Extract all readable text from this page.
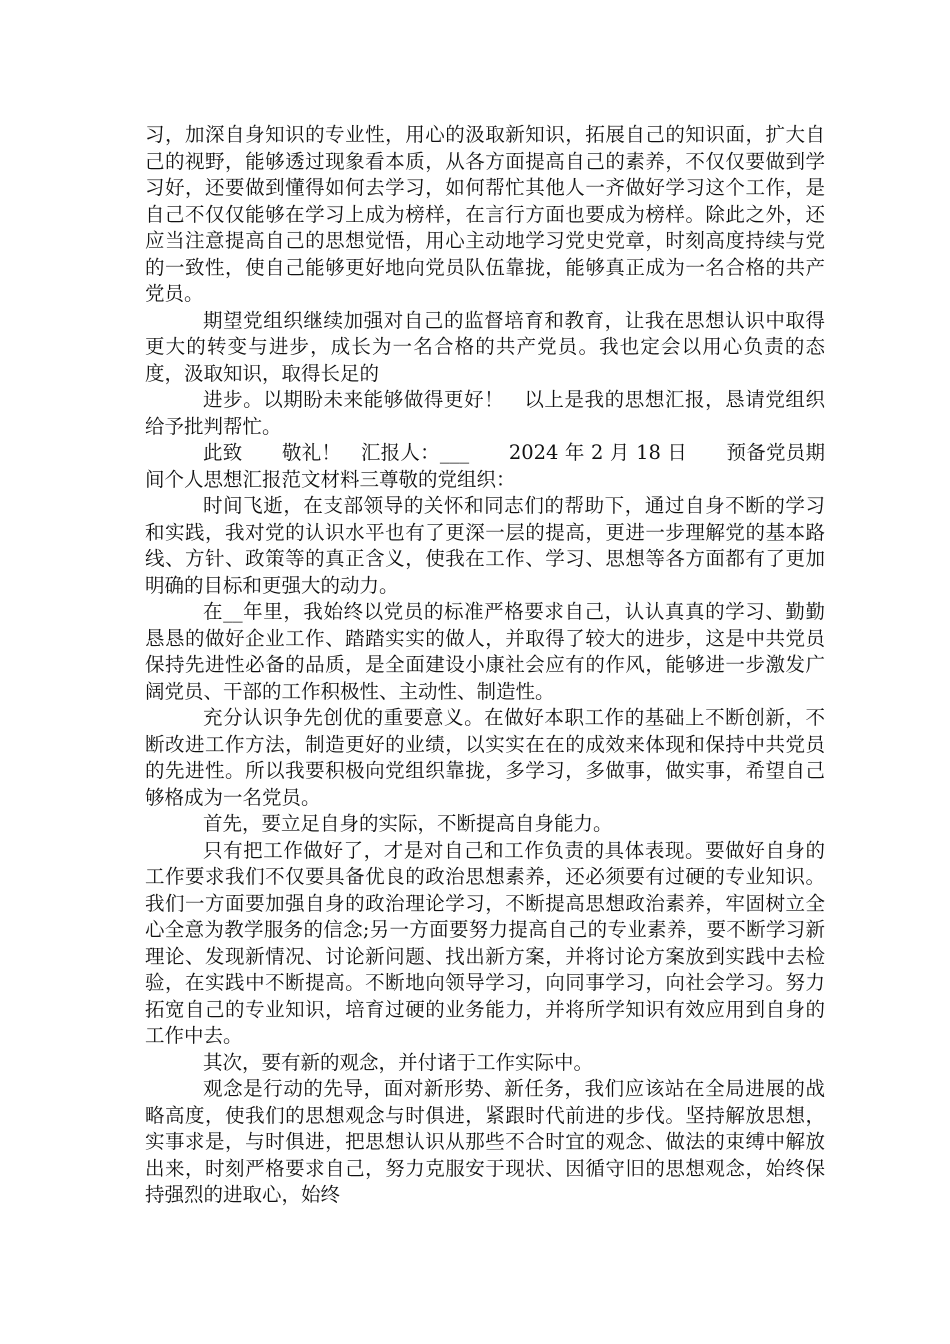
习，加深自身知识的专业性，用心的汲取新知识，拓展自己的知识面，扩大自己的视野，能够透过现象看本质，从各方面提高自己的素养，不仅仅要做到学习好，还要做到懂得如何去学习，如何帮忙其他人一齐做好学习这个工作，是自己不仅仅能够在学习上成为榜样，在言行方面也要成为榜样。除此之外，还应当注意提高自己的思想觉悟，用心主动地学习党史党章，时刻高度持续与党的一致性，使自己能够更好地向党员队伍靠拢，能够真正成为一名合格的共产党员。

期望党组织继续加强对自己的监督培育和教育，让我在思想认识中取得更大的转变与进步，成长为一名合格的共产党员。我也定会以用心负责的态度，汲取知识，取得长足的

进步。以期盼未来能够做得更好！　以上是我的思想汇报，恳请党组织给予批判帮忙。

此致　　敬礼！　汇报人：___　　2024 年 2 月 18 日　　预备党员期间个人思想汇报范文材料三尊敬的党组织：

时间飞逝，在支部领导的关怀和同志们的帮助下，通过自身不断的学习和实践，我对党的认识水平也有了更深一层的提高，更进一步理解党的基本路线、方针、政策等的真正含义，使我在工作、学习、思想等各方面都有了更加明确的目标和更强大的动力。

在__年里，我始终以党员的标准严格要求自己，认认真真的学习、勤勤恳恳的做好企业工作、踏踏实实的做人，并取得了较大的进步，这是中共党员保持先进性必备的品质，是全面建设小康社会应有的作风，能够进一步激发广阔党员、干部的工作积极性、主动性、制造性。

充分认识争先创优的重要意义。在做好本职工作的基础上不断创新，不断改进工作方法，制造更好的业绩，以实实在在的成效来体现和保持中共党员的先进性。所以我要积极向党组织靠拢，多学习，多做事，做实事，希望自己够格成为一名党员。

首先，要立足自身的实际，不断提高自身能力。

只有把工作做好了，才是对自己和工作负责的具体表现。要做好自身的工作要求我们不仅要具备优良的政治思想素养，还必须要有过硬的专业知识。我们一方面要加强自身的政治理论学习，不断提高思想政治素养，牢固树立全心全意为教学服务的信念;另一方面要努力提高自己的专业素养，要不断学习新理论、发现新情况、讨论新问题、找出新方案，并将讨论方案放到实践中去检验，在实践中不断提高。不断地向领导学习，向同事学习，向社会学习。努力拓宽自己的专业知识，培育过硬的业务能力，并将所学知识有效应用到自身的工作中去。

其次，要有新的观念，并付诸于工作实际中。

观念是行动的先导，面对新形势、新任务，我们应该站在全局进展的战略高度，使我们的思想观念与时俱进，紧跟时代前进的步伐。坚持解放思想，实事求是，与时俱进，把思想认识从那些不合时宜的观念、做法的束缚中解放出来，时刻严格要求自己，努力克服安于现状、因循守旧的思想观念，始终保持强烈的进取心，始终
